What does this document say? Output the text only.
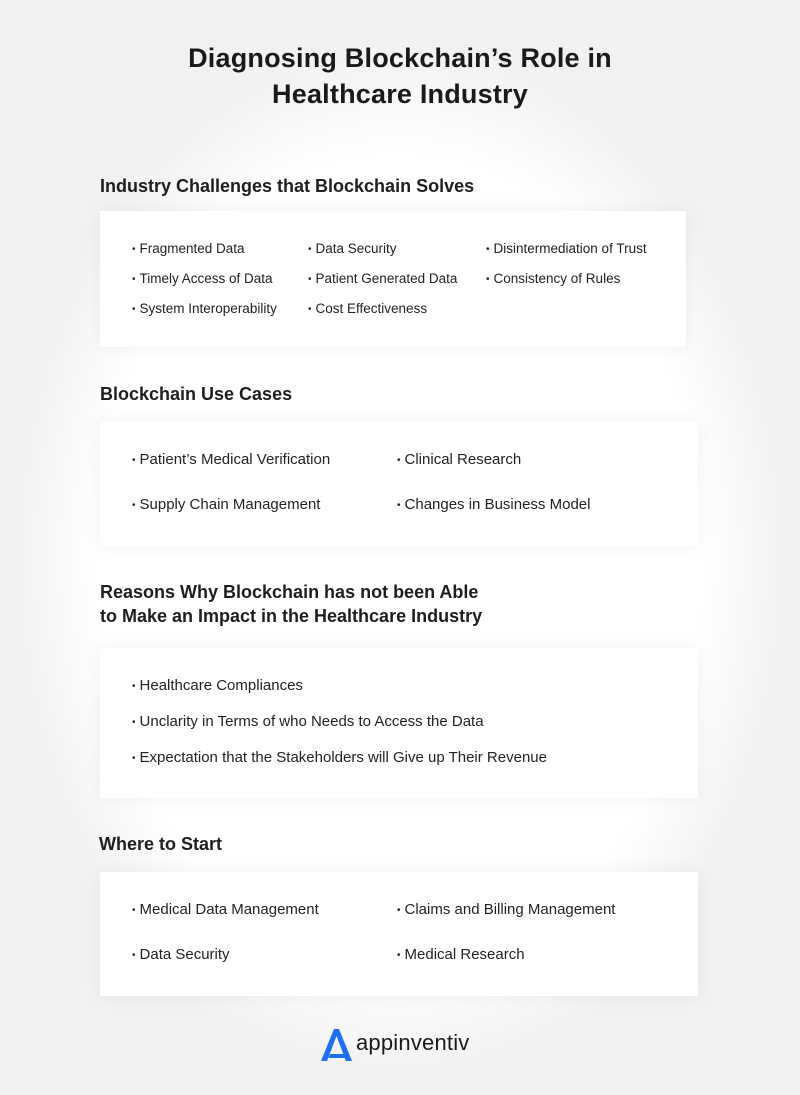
Diagnosing Blockchain’s Role in
Healthcare Industry
Industry Challenges that Blockchain Solves
• Fragmented Data
• Timely Access of Data
• System Interoperability
• Data Security
• Patient Generated Data
• Cost Effectiveness
• Disintermediation of Trust
• Consistency of Rules
Blockchain Use Cases
• Patient’s Medical Verification
• Supply Chain Management
• Clinical Research
• Changes in Business Model
Reasons Why Blockchain has not been Able
to Make an Impact in the Healthcare Industry
• Healthcare Compliances
• Unclarity in Terms of who Needs to Access the Data
• Expectation that the Stakeholders will Give up Their Revenue
Where to Start
• Medical Data Management
• Data Security
• Claims and Billing Management
• Medical Research
appinventiv
